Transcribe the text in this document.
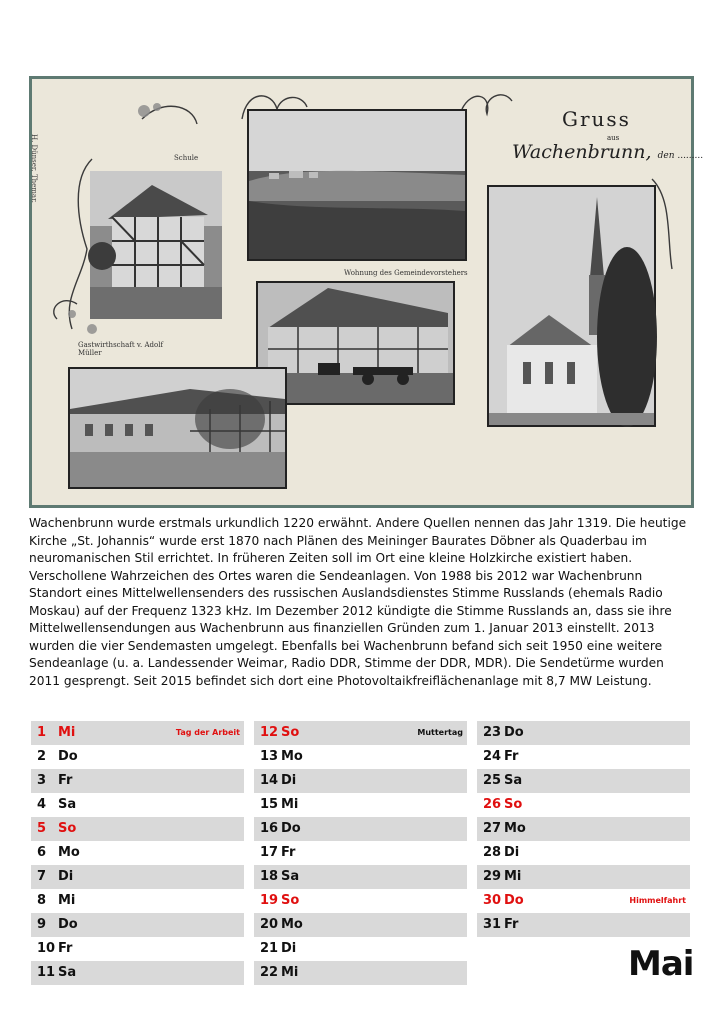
H. Dünser, Themar.	Schule
Wohnung des Gemeindevorstehers
Gastwirthschaft v. Adolf Müller
Gruss
aus
Wachenbrunn, den .........

Wachenbrunn wurde erstmals urkundlich 1220 erwähnt. Andere Quellen nennen das Jahr 1319. Die heutige Kirche „St. Johannis“ wurde erst 1870 nach Plänen des Meininger Baurates Döbner als Quaderbau im neuromanischen Stil errichtet. In früheren Zeiten soll im Ort eine kleine Holzkirche existiert haben.

Verschollene Wahrzeichen des Ortes waren die Sendeanlagen. Von 1988 bis 2012 war Wachenbrunn Standort eines Mittelwellensenders des russischen Auslandsdienstes Stimme Russlands (ehemals Radio Moskau) auf der Frequenz 1323 kHz. Im Dezember 2012 kündigte die Stimme Russlands an, dass sie ihre Mittelwellensendungen aus Wachenbrunn aus finanziellen Gründen zum 1. Januar 2013 einstellt. 2013 wurden die vier Sendemasten umgelegt. Ebenfalls bei Wachenbrunn befand sich seit 1950 eine weitere Sendeanlage (u. a. Landessender Weimar, Radio DDR, Stimme der DDR, MDR). Die Sendetürme wurden 2011 gesprengt. Seit 2015 befindet sich dort eine Photovoltaikfreiflächenanlage mit 8,7 MW Leistung.

1 Mi	Tag der Arbeit
2 Do
3 Fr
4 Sa
5 So
6 Mo
7 Di
8 Mi
9 Do
10 Fr
11 Sa
12 So	Muttertag
13 Mo
14 Di
15 Mi
16 Do
17 Fr
18 Sa
19 So
20 Mo
21 Di
22 Mi
23 Do
24 Fr
25 Sa
26 So
27 Mo
28 Di
29 Mi
30 Do	Himmelfahrt
31 Fr
Mai
